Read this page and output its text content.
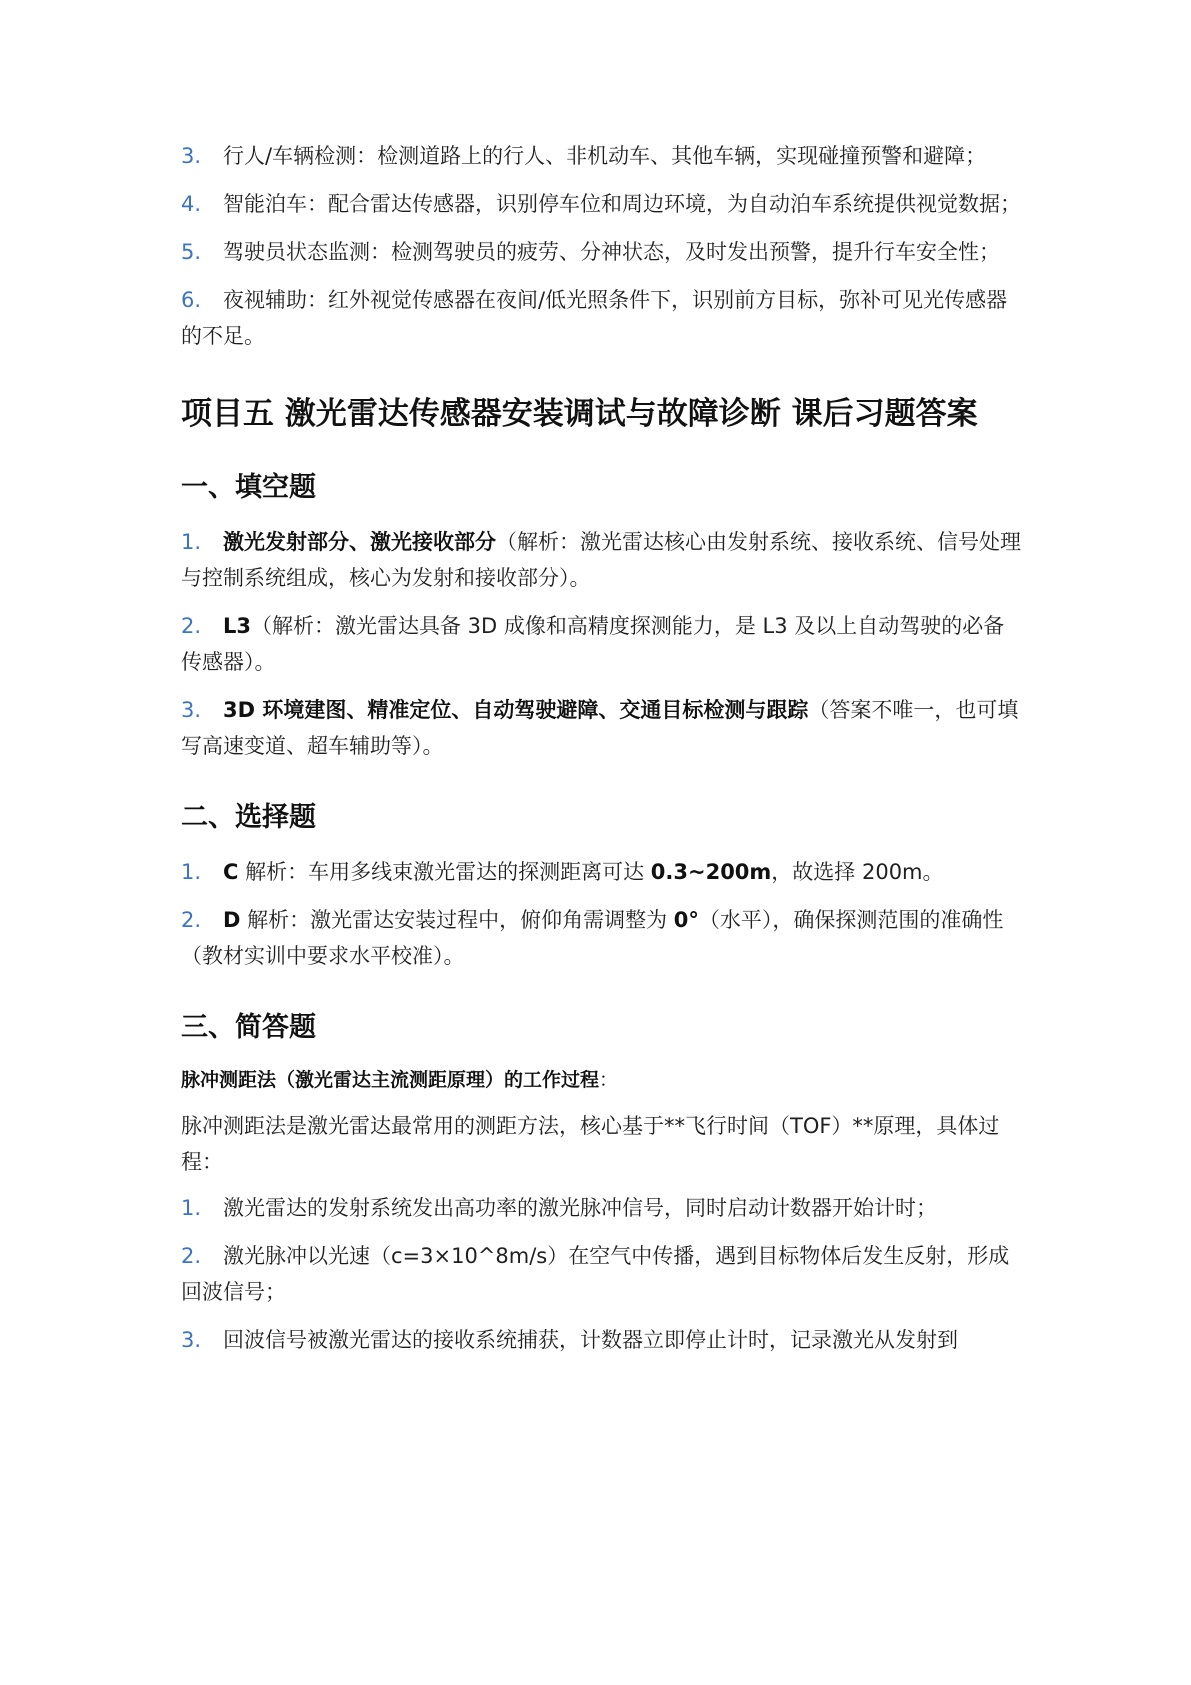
3. 行人/车辆检测：检测道路上的行人、非机动车、其他车辆，实现碰撞预警和避障；
4. 智能泊车：配合雷达传感器，识别停车位和周边环境，为自动泊车系统提供视觉数据；
5. 驾驶员状态监测：检测驾驶员的疲劳、分神状态，及时发出预警，提升行车安全性；
6. 夜视辅助：红外视觉传感器在夜间/低光照条件下，识别前方目标，弥补可见光传感器的不足。
项目五 激光雷达传感器安装调试与故障诊断 课后习题答案
一、填空题
1. 激光发射部分、激光接收部分（解析：激光雷达核心由发射系统、接收系统、信号处理与控制系统组成，核心为发射和接收部分）。
2. L3（解析：激光雷达具备 3D 成像和高精度探测能力，是 L3 及以上自动驾驶的必备传感器）。
3. 3D 环境建图、精准定位、自动驾驶避障、交通目标检测与跟踪（答案不唯一，也可填写高速变道、超车辅助等）。
二、选择题
1. C 解析：车用多线束激光雷达的探测距离可达 0.3~200m，故选择 200m。
2. D 解析：激光雷达安装过程中，俯仰角需调整为 0°（水平），确保探测范围的准确性（教材实训中要求水平校准）。
三、简答题
脉冲测距法（激光雷达主流测距原理）的工作过程：
脉冲测距法是激光雷达最常用的测距方法，核心基于**飞行时间（TOF）**原理，具体过程：
1. 激光雷达的发射系统发出高功率的激光脉冲信号，同时启动计数器开始计时；
2. 激光脉冲以光速（c=3×10^8m/s）在空气中传播，遇到目标物体后发生反射，形成回波信号；
3. 回波信号被激光雷达的接收系统捕获，计数器立即停止计时，记录激光从发射到
